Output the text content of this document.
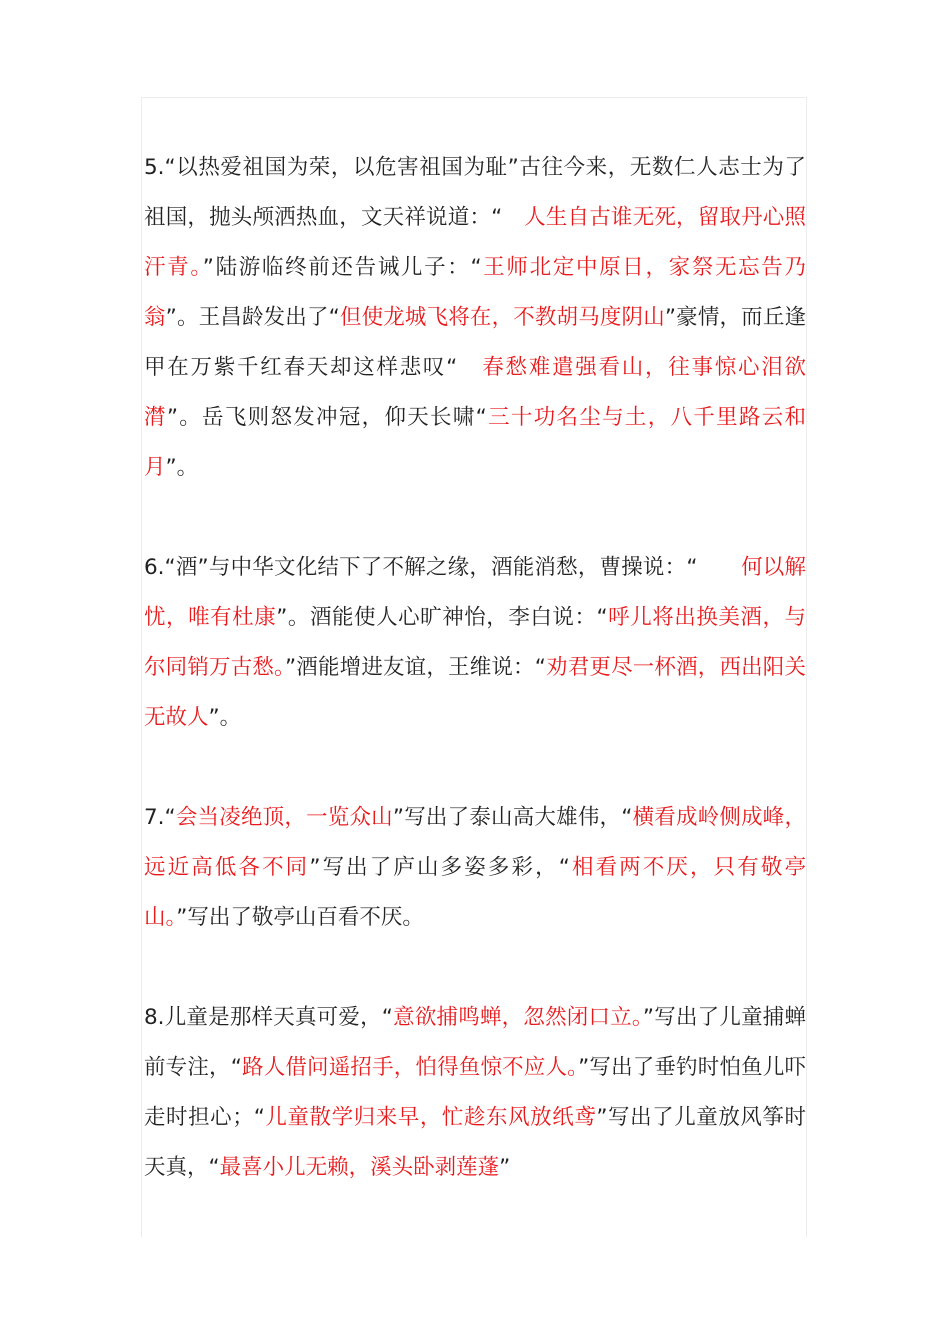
5.“以热爱祖国为荣，以危害祖国为耻”古往今来，无数仁人志士为了祖国，抛头颅洒热血，文天祥说道：“　人生自古谁无死，留取丹心照汗青。”陆游临终前还告诫儿子：“王师北定中原日，家祭无忘告乃翁”。王昌龄发出了“但使龙城飞将在，不教胡马度阴山”豪情，而丘逢甲在万紫千红春天却这样悲叹“　春愁难遣强看山，往事惊心泪欲潸”。岳飞则怒发冲冠，仰天长啸“三十功名尘与土，八千里路云和月”。

6.“酒”与中华文化结下了不解之缘，酒能消愁，曹操说：“　　何以解忧，唯有杜康”。酒能使人心旷神怡，李白说：“呼儿将出换美酒，与尔同销万古愁。”酒能增进友谊，王维说：“劝君更尽一杯酒，西出阳关无故人”。

7.“会当凌绝顶，一览众山”写出了泰山高大雄伟，“横看成岭侧成峰，远近高低各不同”写出了庐山多姿多彩，“相看两不厌，只有敬亭山。”写出了敬亭山百看不厌。

8.儿童是那样天真可爱，“意欲捕鸣蝉，忽然闭口立。”写出了儿童捕蝉前专注，“路人借问遥招手，怕得鱼惊不应人。”写出了垂钓时怕鱼儿吓走时担心；“儿童散学归来早，忙趁东风放纸鸢”写出了儿童放风筝时天真，“最喜小儿无赖，溪头卧剥莲蓬”
